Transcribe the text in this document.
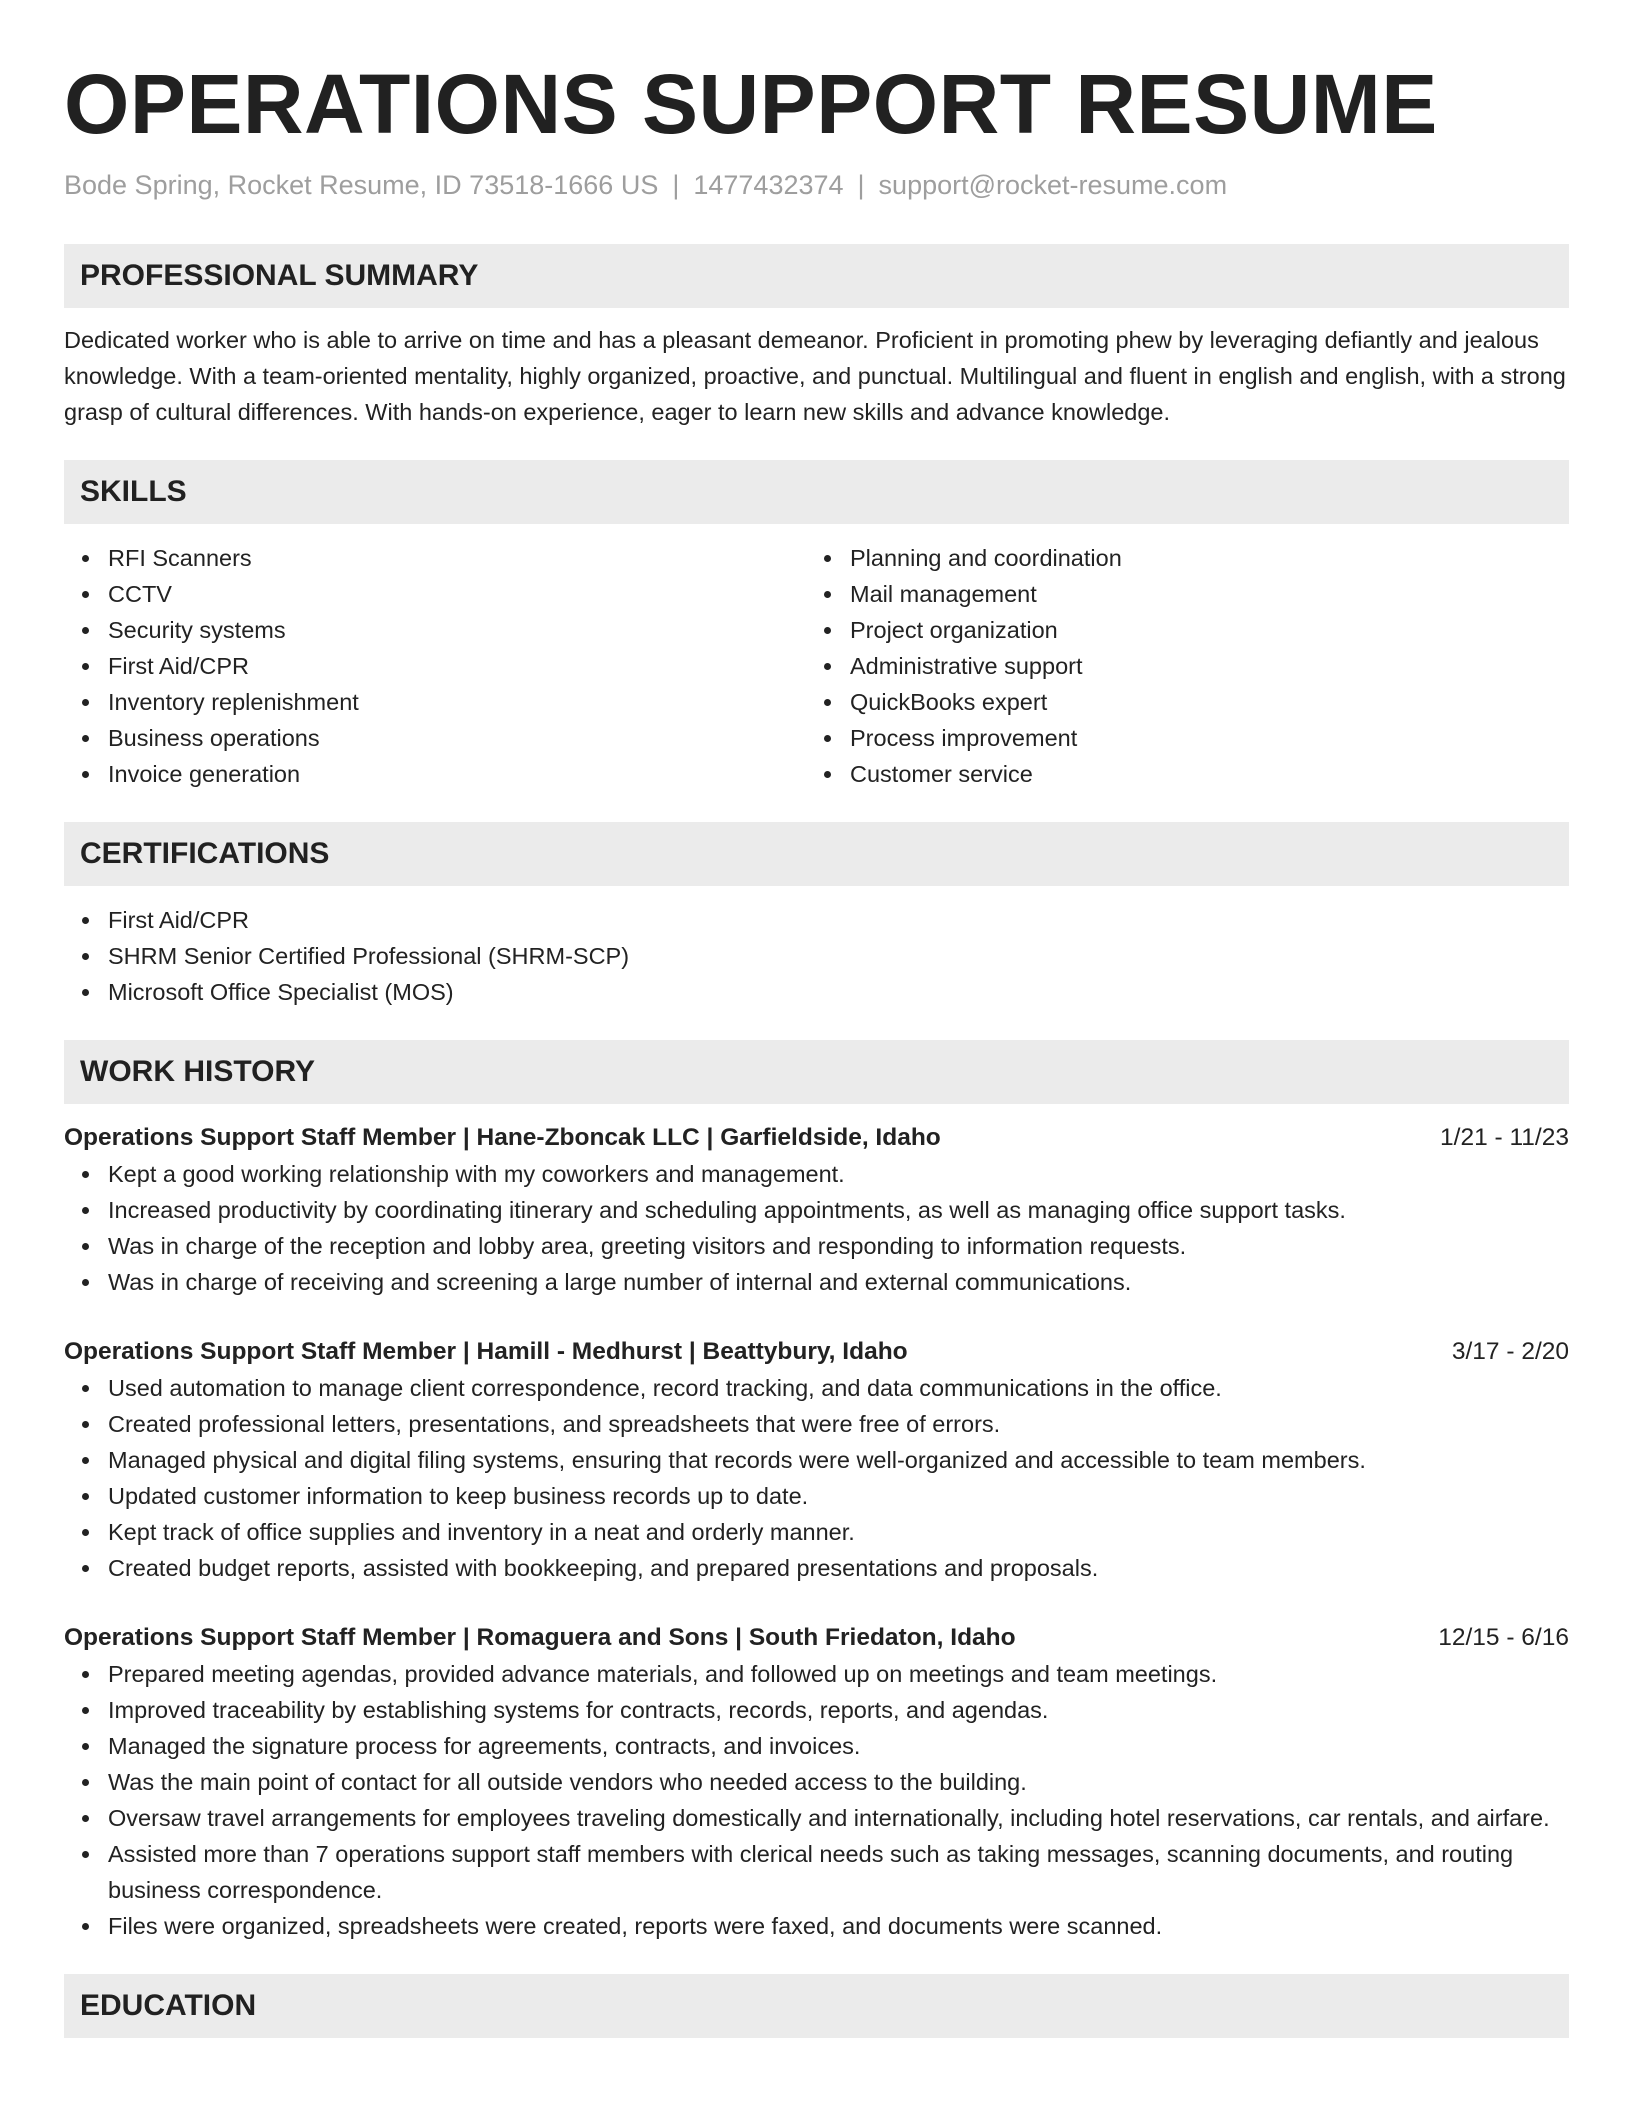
OPERATIONS SUPPORT RESUME
Bode Spring, Rocket Resume, ID 73518-1666 US | 1477432374 | support@rocket-resume.com
PROFESSIONAL SUMMARY

Dedicated worker who is able to arrive on time and has a pleasant demeanor. Proficient in promoting phew by leveraging defiantly and jealous knowledge. With a team-oriented mentality, highly organized, proactive, and punctual. Multilingual and fluent in english and english, with a strong grasp of cultural differences. With hands-on experience, eager to learn new skills and advance knowledge.

SKILLS
RFI Scanners
CCTV
Security systems
First Aid/CPR
Inventory replenishment
Business operations
Invoice generation
Planning and coordination
Mail management
Project organization
Administrative support
QuickBooks expert
Process improvement
Customer service
CERTIFICATIONS
First Aid/CPR
SHRM Senior Certified Professional (SHRM-SCP)
Microsoft Office Specialist (MOS)
WORK HISTORY
Operations Support Staff Member | Hane-Zboncak LLC | Garfieldside, Idaho	1/21 - 11/23
Kept a good working relationship with my coworkers and management.
Increased productivity by coordinating itinerary and scheduling appointments, as well as managing office support tasks.
Was in charge of the reception and lobby area, greeting visitors and responding to information requests.
Was in charge of receiving and screening a large number of internal and external communications.
Operations Support Staff Member | Hamill - Medhurst | Beattybury, Idaho	3/17 - 2/20
Used automation to manage client correspondence, record tracking, and data communications in the office.
Created professional letters, presentations, and spreadsheets that were free of errors.
Managed physical and digital filing systems, ensuring that records were well-organized and accessible to team members.
Updated customer information to keep business records up to date.
Kept track of office supplies and inventory in a neat and orderly manner.
Created budget reports, assisted with bookkeeping, and prepared presentations and proposals.
Operations Support Staff Member | Romaguera and Sons | South Friedaton, Idaho	12/15 - 6/16
Prepared meeting agendas, provided advance materials, and followed up on meetings and team meetings.
Improved traceability by establishing systems for contracts, records, reports, and agendas.
Managed the signature process for agreements, contracts, and invoices.
Was the main point of contact for all outside vendors who needed access to the building.
Oversaw travel arrangements for employees traveling domestically and internationally, including hotel reservations, car rentals, and airfare.
Assisted more than 7 operations support staff members with clerical needs such as taking messages, scanning documents, and routing business correspondence.
Files were organized, spreadsheets were created, reports were faxed, and documents were scanned.
EDUCATION
